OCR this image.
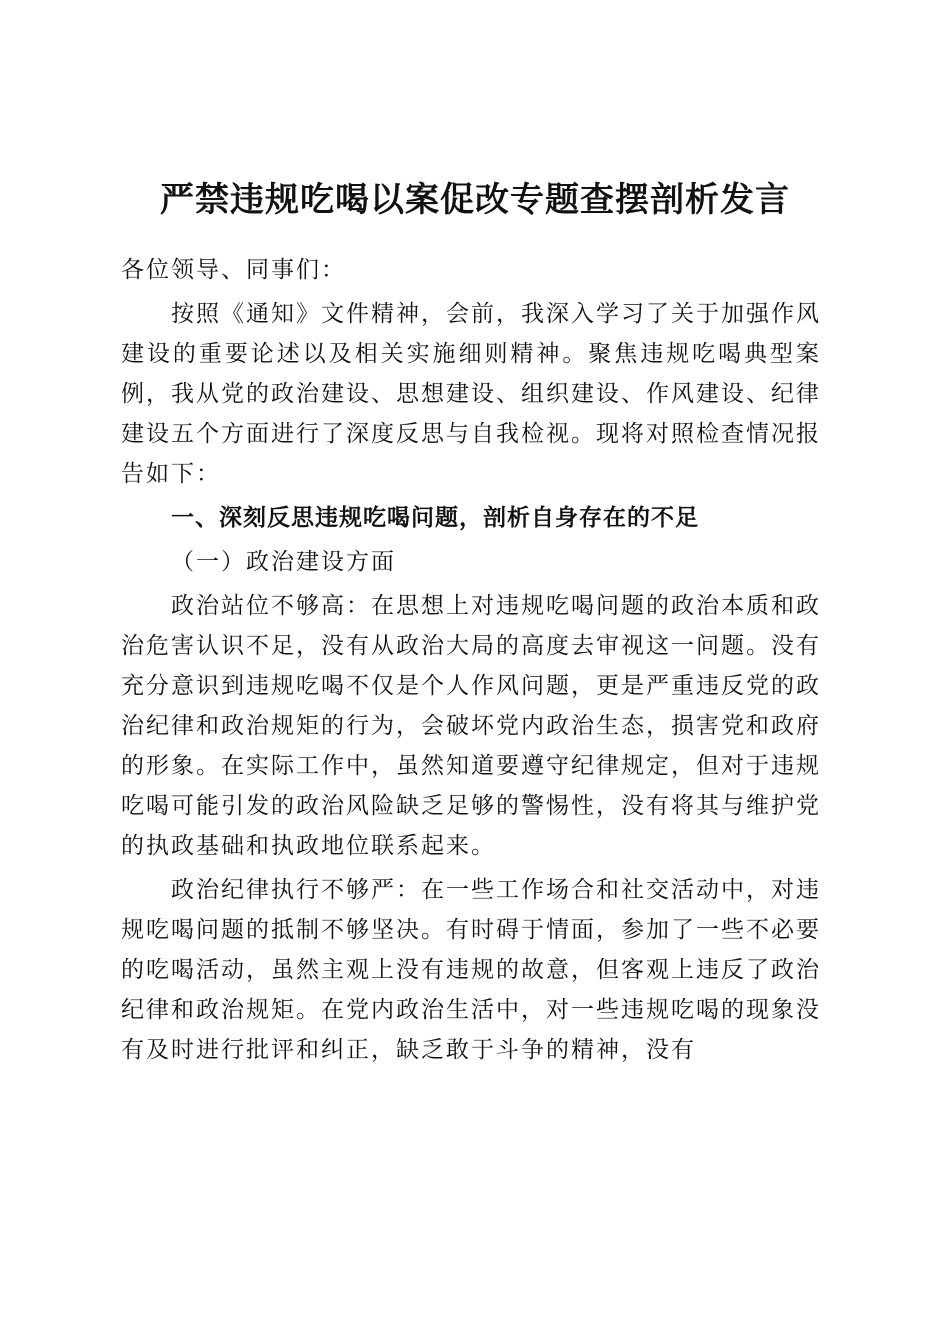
严禁违规吃喝以案促改专题查摆剖析发言

各位领导、同事们：

按照《通知》文件精神，会前，我深入学习了关于加强作风建设的重要论述以及相关实施细则精神。聚焦违规吃喝典型案例，我从党的政治建设、思想建设、组织建设、作风建设、纪律建设五个方面进行了深度反思与自我检视。现将对照检查情况报告如下：

一、深刻反思违规吃喝问题，剖析自身存在的不足

（一）政治建设方面

政治站位不够高：在思想上对违规吃喝问题的政治本质和政治危害认识不足，没有从政治大局的高度去审视这一问题。没有充分意识到违规吃喝不仅是个人作风问题，更是严重违反党的政治纪律和政治规矩的行为，会破坏党内政治生态，损害党和政府的形象。在实际工作中，虽然知道要遵守纪律规定，但对于违规吃喝可能引发的政治风险缺乏足够的警惕性，没有将其与维护党的执政基础和执政地位联系起来。

政治纪律执行不够严：在一些工作场合和社交活动中，对违规吃喝问题的抵制不够坚决。有时碍于情面，参加了一些不必要的吃喝活动，虽然主观上没有违规的故意，但客观上违反了政治纪律和政治规矩。在党内政治生活中，对一些违规吃喝的现象没有及时进行批评和纠正，缺乏敢于斗争的精神，没有
